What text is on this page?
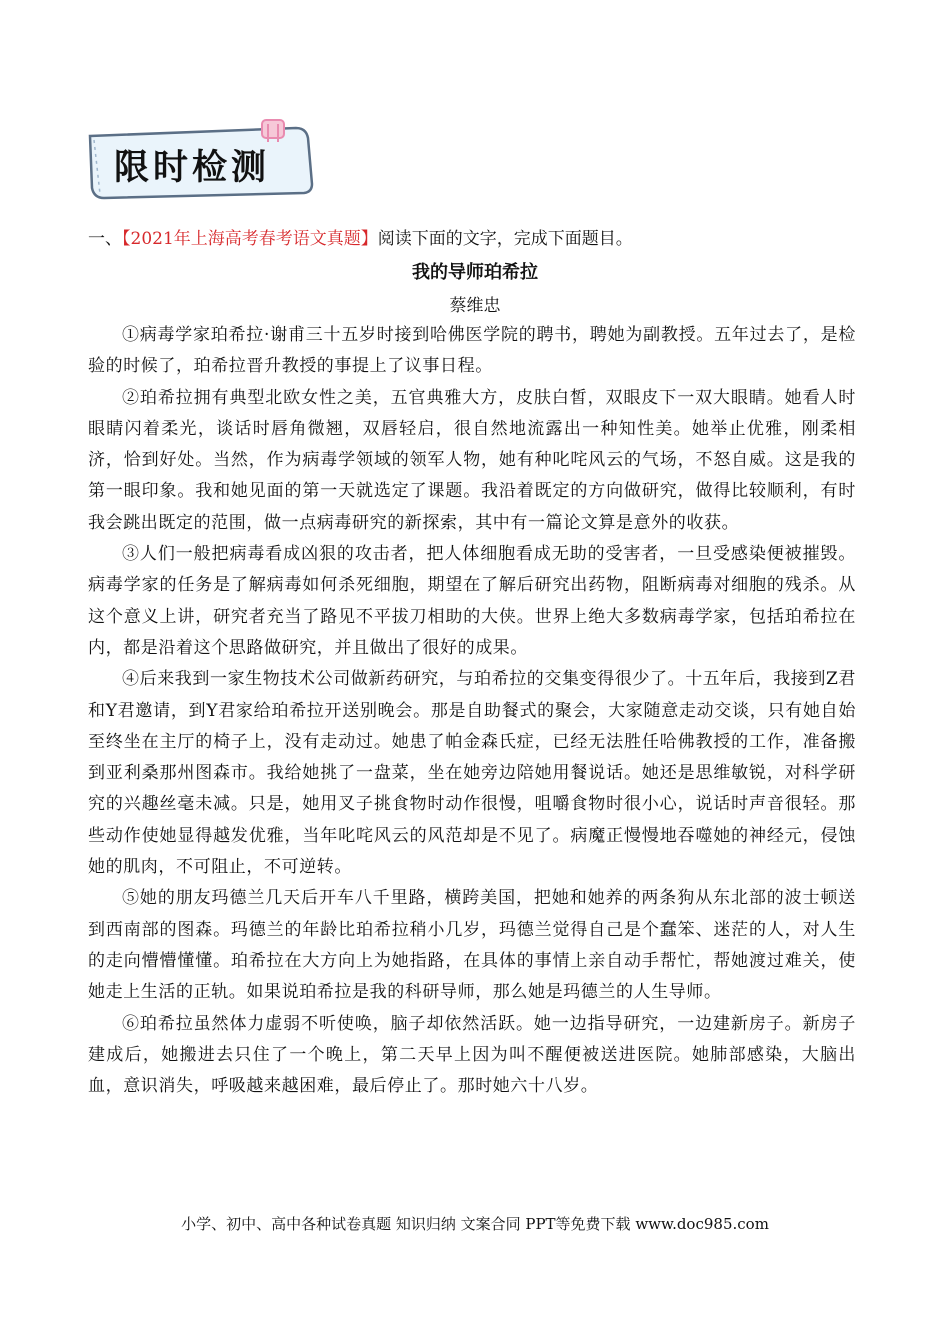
限时检测
一、【2021年上海高考春考语文真题】阅读下面的文字，完成下面题目。
我的导师珀希拉
蔡维忠

①病毒学家珀希拉·谢甫三十五岁时接到哈佛医学院的聘书，聘她为副教授。五年过去了，是检验的时候了，珀希拉晋升教授的事提上了议事日程。

②珀希拉拥有典型北欧女性之美，五官典雅大方，皮肤白皙，双眼皮下一双大眼睛。她看人时眼睛闪着柔光，谈话时唇角微翘，双唇轻启，很自然地流露出一种知性美。她举止优雅，刚柔相济，恰到好处。当然，作为病毒学领域的领军人物，她有种叱咤风云的气场，不怒自威。这是我的第一眼印象。我和她见面的第一天就选定了课题。我沿着既定的方向做研究，做得比较顺利，有时我会跳出既定的范围，做一点病毒研究的新探索，其中有一篇论文算是意外的收获。

③人们一般把病毒看成凶狠的攻击者，把人体细胞看成无助的受害者，一旦受感染便被摧毁。病毒学家的任务是了解病毒如何杀死细胞，期望在了解后研究出药物，阻断病毒对细胞的残杀。从这个意义上讲，研究者充当了路见不平拔刀相助的大侠。世界上绝大多数病毒学家，包括珀希拉在内，都是沿着这个思路做研究，并且做出了很好的成果。

④后来我到一家生物技术公司做新药研究，与珀希拉的交集变得很少了。十五年后，我接到Z君和Y君邀请，到Y君家给珀希拉开送别晚会。那是自助餐式的聚会，大家随意走动交谈，只有她自始至终坐在主厅的椅子上，没有走动过。她患了帕金森氏症，已经无法胜任哈佛教授的工作，准备搬到亚利桑那州图森市。我给她挑了一盘菜，坐在她旁边陪她用餐说话。她还是思维敏锐，对科学研究的兴趣丝毫未减。只是，她用叉子挑食物时动作很慢，咀嚼食物时很小心，说话时声音很轻。那些动作使她显得越发优雅，当年叱咤风云的风范却是不见了。病魔正慢慢地吞噬她的神经元，侵蚀她的肌肉，不可阻止，不可逆转。

⑤她的朋友玛德兰几天后开车八千里路，横跨美国，把她和她养的两条狗从东北部的波士顿送到西南部的图森。玛德兰的年龄比珀希拉稍小几岁，玛德兰觉得自己是个蠢笨、迷茫的人，对人生的走向懵懵懂懂。珀希拉在大方向上为她指路，在具体的事情上亲自动手帮忙，帮她渡过难关，使她走上生活的正轨。如果说珀希拉是我的科研导师，那么她是玛德兰的人生导师。

⑥珀希拉虽然体力虚弱不听使唤，脑子却依然活跃。她一边指导研究，一边建新房子。新房子建成后，她搬进去只住了一个晚上，第二天早上因为叫不醒便被送进医院。她肺部感染，大脑出血，意识消失，呼吸越来越困难，最后停止了。那时她六十八岁。

小学、初中、高中各种试卷真题 知识归纳 文案合同 PPT等免费下载 www.doc985.com
